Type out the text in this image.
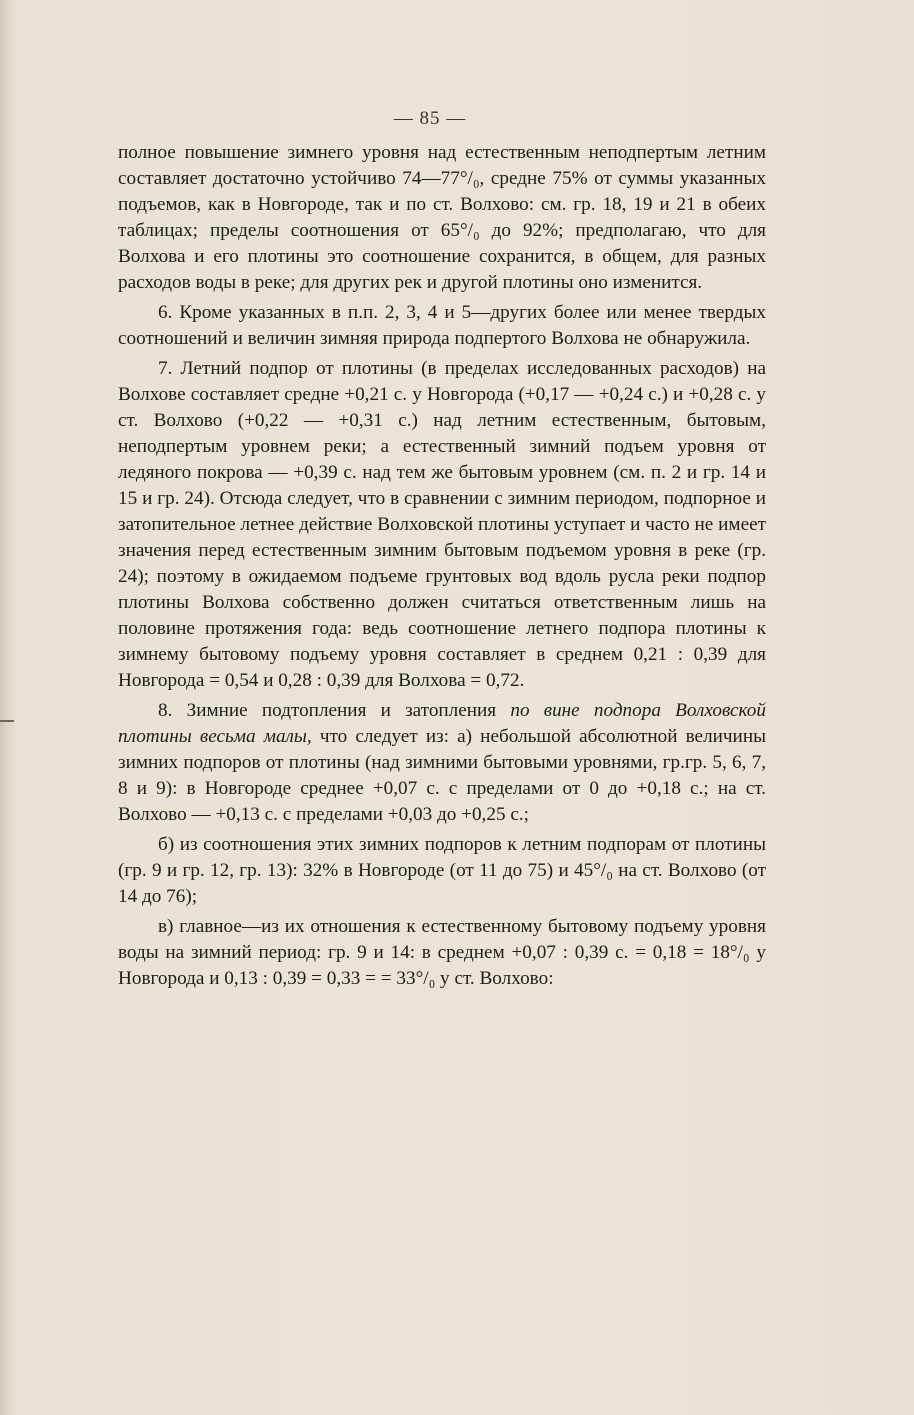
— 85 —

полное повышение зимнего уровня над естественным неподпертым летним составляет достаточно устойчиво 74—77°/₀, средне 75% от суммы указанных подъемов, как в Новгороде, так и по ст. Волхово: см. гр. 18, 19 и 21 в обеих таблицах; пределы соотношения от 65°/₀ до 92%; предполагаю, что для Волхова и его плотины это соотношение сохранится, в общем, для разных расходов воды в реке; для других рек и другой плотины оно изменится.

6. Кроме указанных в п.п. 2, 3, 4 и 5—других более или менее твердых соотношений и величин зимняя природа подпертого Волхова не обнаружила.

7. Летний подпор от плотины (в пределах исследованных расходов) на Волхове составляет средне +0,21 с. у Новгорода (+0,17 — +0,24 с.) и +0,28 с. у ст. Волхово (+0,22 — +0,31 с.) над летним естественным, бытовым, неподпертым уровнем реки; а естественный зимний подъем уровня от ледяного покрова — +0,39 с. над тем же бытовым уровнем (см. п. 2 и гр. 14 и 15 и гр. 24). Отсюда следует, что в сравнении с зимним периодом, подпорное и затопительное летнее действие Волховской плотины уступает и часто не имеет значения перед естественным зимним бытовым подъемом уровня в реке (гр. 24); поэтому в ожидаемом подъеме грунтовых вод вдоль русла реки подпор плотины Волхова собственно должен считаться ответственным лишь на половине протяжения года: ведь соотношение летнего подпора плотины к зимнему бытовому подъему уровня составляет в среднем 0,21 : 0,39 для Новгорода = 0,54 и 0,28 : 0,39 для Волхова = 0,72.

8. Зимние подтопления и затопления по вине подпора Волховской плотины весьма малы, что следует из: а) небольшой абсолютной величины зимних подпоров от плотины (над зимними бытовыми уровнями, гр.гр. 5, 6, 7, 8 и 9): в Новгороде среднее +0,07 с. с пределами от 0 до +0,18 с.; на ст. Волхово — +0,13 с. с пределами +0,03 до +0,25 с.;

б) из соотношения этих зимних подпоров к летним подпорам от плотины (гр. 9 и гр. 12, гр. 13): 32% в Новгороде (от 11 до 75) и 45°/₀ на ст. Волхово (от 14 до 76);

в) главное—из их отношения к естественному бытовому подъему уровня воды на зимний период: гр. 9 и 14: в среднем +0,07 : 0,39 с. = 0,18 = 18°/₀ у Новгорода и 0,13 : 0,39 = 0,33 = = 33°/₀ у ст. Волхово:
